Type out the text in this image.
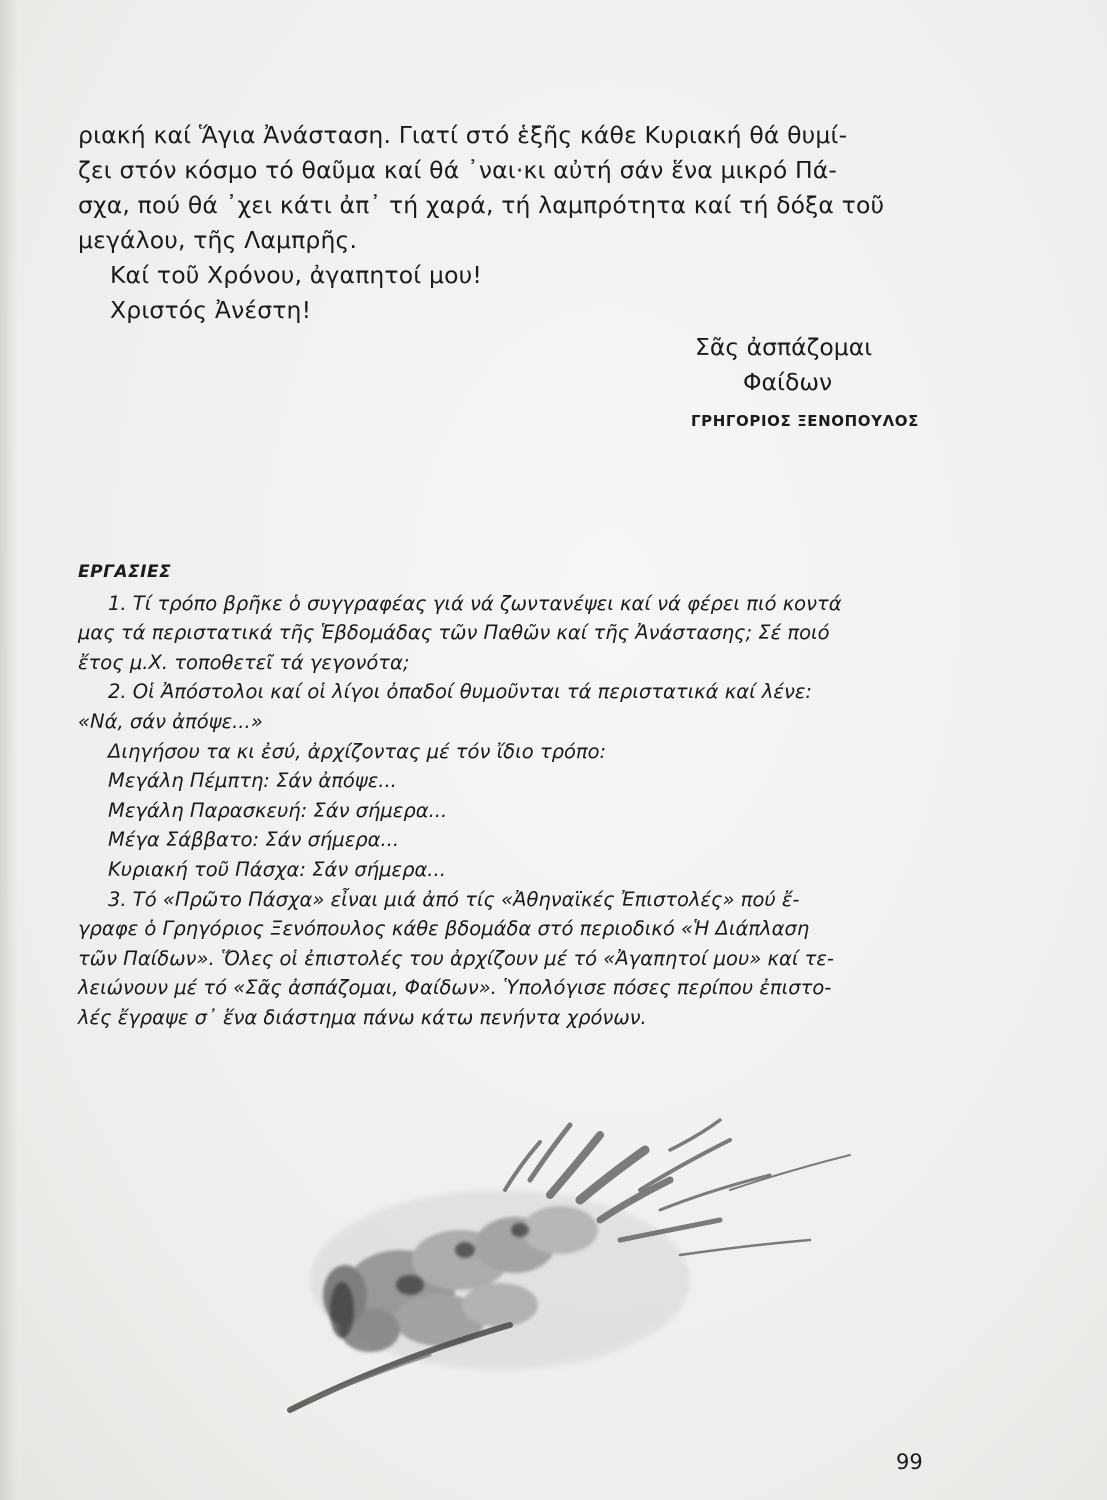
ριακή καί Ἅγια Ἀνάσταση. Γιατί στό ἑξῆς κάθε Κυριακή θά θυμί-
ζει στόν κόσμο τό θαῦμα καί θά ᾽ναι·κι αὐτή σάν ἕνα μικρό Πά-
σχα, πού θά ᾽χει κάτι ἀπ᾽ τή χαρά, τή λαμπρότητα καί τή δόξα τοῦ
μεγάλου, τῆς Λαμπρῆς.

Καί τοῦ Χρόνου, ἀγαπητοί μου!
Χριστός Ἀνέστη!
Σᾶς ἀσπάζομαι
Φαίδων
ΓΡΗΓΟΡΙΟΣ ΞΕΝΟΠΟΥΛΟΣ
ΕΡΓΑΣΙΕΣ
1. Τί τρόπο βρῆκε ὁ συγγραφέας γιά νά ζωντανέψει καί νά φέρει πιό κοντά
μας τά περιστατικά τῆς Ἑβδομάδας τῶν Παθῶν καί τῆς Ἀνάστασης; Σέ ποιό
ἔτος μ.Χ. τοποθετεῖ τά γεγονότα;
2. Οἱ Ἀπόστολοι καί οἱ λίγοι ὀπαδοί θυμοῦνται τά περιστατικά καί λένε:
«Νά, σάν ἀπόψε...»
Διηγήσου τα κι ἐσύ, ἀρχίζοντας μέ τόν ἴδιο τρόπο:
Μεγάλη Πέμπτη: Σάν ἀπόψε...
Μεγάλη Παρασκευή: Σάν σήμερα...
Μέγα Σάββατο: Σάν σήμερα...
Κυριακή τοῦ Πάσχα: Σάν σήμερα...
3. Τό «Πρῶτο Πάσχα» εἶναι μιά ἀπό τίς «Ἀθηναϊκές Ἐπιστολές» πού ἔ-
γραφε ὁ Γρηγόριος Ξενόπουλος κάθε βδομάδα στό περιοδικό «Ἡ Διάπλαση
τῶν Παίδων». Ὅλες οἱ ἐπιστολές του ἀρχίζουν μέ τό «Ἀγαπητοί μου» καί τε-
λειώνουν μέ τό «Σᾶς ἀσπάζομαι, Φαίδων». Ὑπολόγισε πόσες περίπου ἐπιστο-
λές ἔγραψε σ᾽ ἕνα διάστημα πάνω κάτω πενήντα χρόνων.
99
